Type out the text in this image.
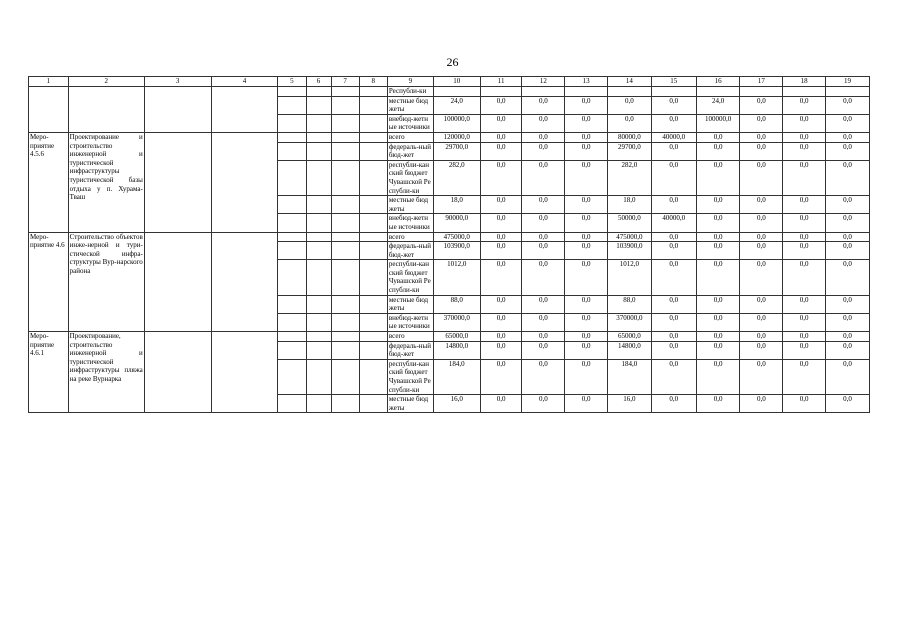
26
1	2	3	4	5	6	7	8	9	10	11	12	13	14	15	16	17	18	19
								Республи-ки										
								местные бюджеты	24,0	0,0	0,0	0,0	0,0	0,0	24,0	0,0	0,0	0,0
								внебюд-жетные источники	100000,0	0,0	0,0	0,0	0,0	0,0	100000,0	0,0	0,0	0,0
Меро-приятие 4.5.6	Проектирование и строительство инженерной и туристической инфраструктуры туристической базы отдыха у п. Хурама-Тваш							всего	120000,0	0,0	0,0	0,0	80000,0	40000,0	0,0	0,0	0,0	0,0
								федераль-ный бюд-жет	29700,0	0,0	0,0	0,0	29700,0	0,0	0,0	0,0	0,0	0,0
								республи-канский бюджет Чувашской Республи-ки	282,0	0,0	0,0	0,0	282,0	0,0	0,0	0,0	0,0	0,0
								местные бюджеты	18,0	0,0	0,0	0,0	18,0	0,0	0,0	0,0	0,0	0,0
								внебюд-жетные источники	90000,0	0,0	0,0	0,0	50000,0	40000,0	0,0	0,0	0,0	0,0
Меро-приятие 4.6	Строительство объектов инже-нерной и тури-стической инфра-структуры Вур-нарского района							всего	475000,0	0,0	0,0	0,0	475000,0	0,0	0,0	0,0	0,0	0,0
								федераль-ный бюд-жет	103900,0	0,0	0,0	0,0	103900,0	0,0	0,0	0,0	0,0	0,0
								республи-канский бюджет Чувашской Республи-ки	1012,0	0,0	0,0	0,0	1012,0	0,0	0,0	0,0	0,0	0,0
								местные бюджеты	88,0	0,0	0,0	0,0	88,0	0,0	0,0	0,0	0,0	0,0
								внебюд-жетные источники	370000,0	0,0	0,0	0,0	370000,0	0,0	0,0	0,0	0,0	0,0
Меро-приятие 4.6.1	Проектирование, строительство инженерной и туристической инфраструктуры пляжа на реке Вурнарка							всего	65000,0	0,0	0,0	0,0	65000,0	0,0	0,0	0,0	0,0	0,0
								федераль-ный бюд-жет	14800,0	0,0	0,0	0,0	14800,0	0,0	0,0	0,0	0,0	0,0
								республи-канский бюджет Чувашской Республи-ки	184,0	0,0	0,0	0,0	184,0	0,0	0,0	0,0	0,0	0,0
								местные бюджеты	16,0	0,0	0,0	0,0	16,0	0,0	0,0	0,0	0,0	0,0
